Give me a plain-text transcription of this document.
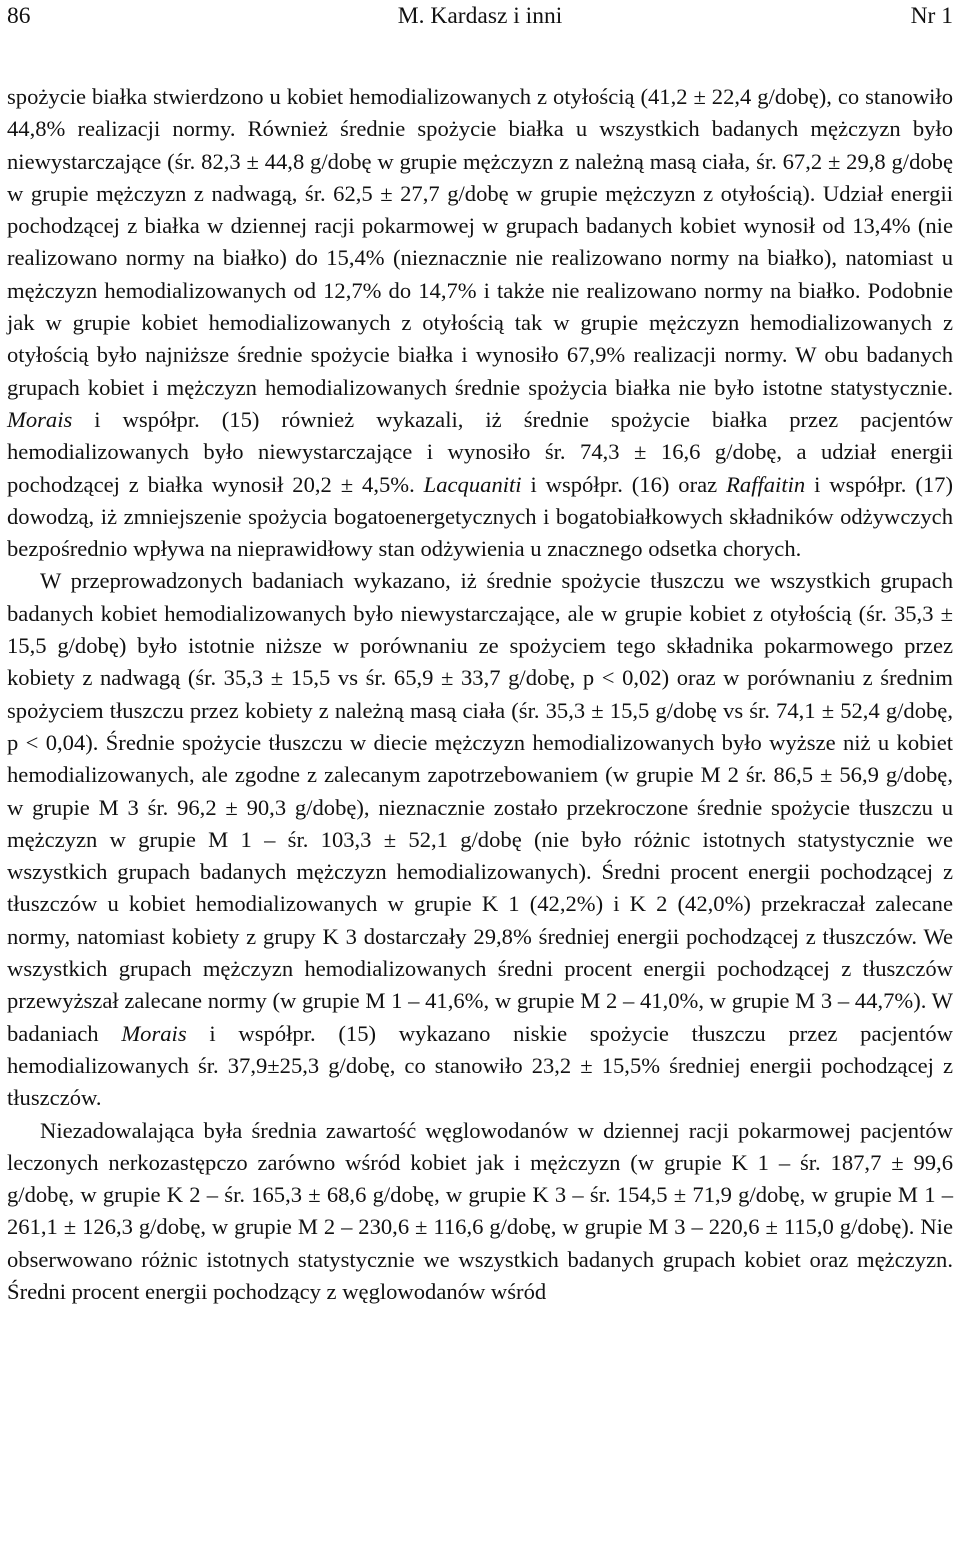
86	M. Kardasz i inni	Nr 1

spożycie białka stwierdzono u kobiet hemodializowanych z otyłością (41,2 ± 22,4 g/dobę), co stanowiło 44,8% realizacji normy. Również średnie spożycie białka u wszystkich badanych mężczyzn było niewystarczające (śr. 82,3 ± 44,8 g/dobę w grupie mężczyzn z należną masą ciała, śr. 67,2 ± 29,8 g/dobę w grupie mężczyzn z nadwagą, śr. 62,5 ± 27,7 g/dobę w grupie mężczyzn z otyłością). Udział energii pochodzącej z białka w dziennej racji pokarmowej w grupach badanych kobiet wynosił od 13,4% (nie realizowano normy na białko) do 15,4% (nieznacznie nie realizowano normy na białko), natomiast u mężczyzn hemodializowanych od 12,7% do 14,7% i także nie realizowano normy na białko. Podobnie jak w grupie kobiet hemodializowanych z otyłością tak w grupie mężczyzn hemodializowanych z otyłością było najniższe średnie spożycie białka i wynosiło 67,9% realizacji normy. W obu badanych grupach kobiet i mężczyzn hemodializowanych średnie spożycia białka nie było istotne statystycznie. Morais i współpr. (15) również wykazali, iż średnie spożycie białka przez pacjentów hemodializowanych było niewystarczające i wynosiło śr. 74,3 ± 16,6 g/dobę, a udział energii pochodzącej z białka wynosił 20,2 ± 4,5%. Lacquaniti i współpr. (16) oraz Raffaitin i współpr. (17) dowodzą, iż zmniejszenie spożycia bogatoenergetycznych i bogatobiałkowych składników odżywczych bezpośrednio wpływa na nieprawidłowy stan odżywienia u znacznego odsetka chorych.

W przeprowadzonych badaniach wykazano, iż średnie spożycie tłuszczu we wszystkich grupach badanych kobiet hemodializowanych było niewystarczające, ale w grupie kobiet z otyłością (śr. 35,3 ± 15,5 g/dobę) było istotnie niższe w porównaniu ze spożyciem tego składnika pokarmowego przez kobiety z nadwagą (śr. 35,3 ± 15,5 vs śr. 65,9 ± 33,7 g/dobę, p < 0,02) oraz w porównaniu z średnim spożyciem tłuszczu przez kobiety z należną masą ciała (śr. 35,3 ± 15,5 g/dobę vs śr. 74,1 ± 52,4 g/dobę, p < 0,04). Średnie spożycie tłuszczu w diecie mężczyzn hemodializowanych było wyższe niż u kobiet hemodializowanych, ale zgodne z zalecanym zapotrzebowaniem (w grupie M 2 śr. 86,5 ± 56,9 g/dobę, w grupie M 3 śr. 96,2 ± 90,3 g/dobę), nieznacznie zostało przekroczone średnie spożycie tłuszczu u mężczyzn w grupie M 1 – śr. 103,3 ± 52,1 g/dobę (nie było różnic istotnych statystycznie we wszystkich grupach badanych mężczyzn hemodializowanych). Średni procent energii pochodzącej z tłuszczów u kobiet hemodializowanych w grupie K 1 (42,2%) i K 2 (42,0%) przekraczał zalecane normy, natomiast kobiety z grupy K 3 dostarczały 29,8% średniej energii pochodzącej z tłuszczów. We wszystkich grupach mężczyzn hemodializowanych średni procent energii pochodzącej z tłuszczów przewyższał zalecane normy (w grupie M 1 – 41,6%, w grupie M 2 – 41,0%, w grupie M 3 – 44,7%). W badaniach Morais i współpr. (15) wykazano niskie spożycie tłuszczu przez pacjentów hemodializowanych śr. 37,9±25,3 g/dobę, co stanowiło 23,2 ± 15,5% średniej energii pochodzącej z tłuszczów.

Niezadowalająca była średnia zawartość węglowodanów w dziennej racji pokarmowej pacjentów leczonych nerkozastępczo zarówno wśród kobiet jak i mężczyzn (w grupie K 1 – śr. 187,7 ± 99,6 g/dobę, w grupie K 2 – śr. 165,3 ± 68,6 g/dobę, w grupie K 3 – śr. 154,5 ± 71,9 g/dobę, w grupie M 1 – 261,1 ± 126,3 g/dobę, w grupie M 2 – 230,6 ± 116,6 g/dobę, w grupie M 3 – 220,6 ± 115,0 g/dobę). Nie obserwowano różnic istotnych statystycznie we wszystkich badanych grupach kobiet oraz mężczyzn. Średni procent energii pochodzący z węglowodanów wśród
